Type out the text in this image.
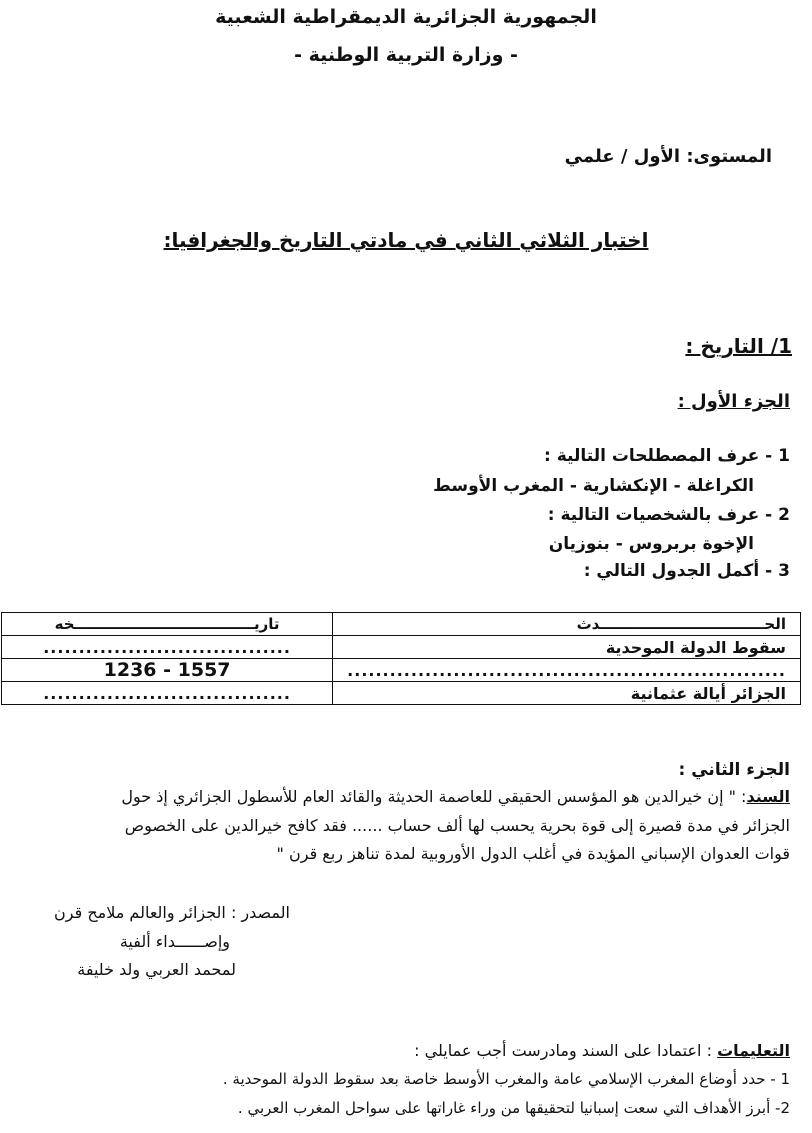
الجمهورية الجزائرية الديمقراطية الشعبية
- وزارة التربية الوطنية -
المستوى: الأول / علمي
اختبار الثلاثي الثاني في مادتي التاريخ والجغرافيا:
1/ التاريخ :
الجزء الأول :
1 - عرف المصطلحات التالية :
الكراغلة - الإنكشارية - المغرب الأوسط
2 - عرف بالشخصيات التالية :
الإخوة بربروس - بنوزيان
3 - أكمل الجدول التالي :
الحــــــــــــــــــــــــــــــــدث	تاريـــــــــــــــــــــــــــــــــــخه
سقوط الدولة الموحدية	...................................
..............................................................	1557 - 1236
الجزائر أيالة عثمانية	...................................
الجزء الثاني :
السند: " إن خيرالدين هو المؤسس الحقيقي للعاصمة الحديثة والقائد العام للأسطول الجزائري إذ حول
الجزائر في مدة قصيرة إلى قوة بحرية يحسب لها ألف حساب ...... فقد كافح خيرالدين على الخصوص
قوات العدوان الإسباني المؤيدة في أغلب الدول الأوروبية لمدة تناهز ربع قرن "
المصدر : الجزائر والعالم ملامح قرن
وإصــــــداء ألفية
لمحمد العربي ولد خليفة
التعليمات : اعتمادا على السند ومادرست أجب عمايلي :
1 - حدد أوضاع المغرب الإسلامي عامة والمغرب الأوسط خاصة بعد سقوط الدولة الموحدية .
2- أبرز الأهداف التي سعت إسبانيا لتحقيقها من وراء غاراتها على سواحل المغرب العربي .
